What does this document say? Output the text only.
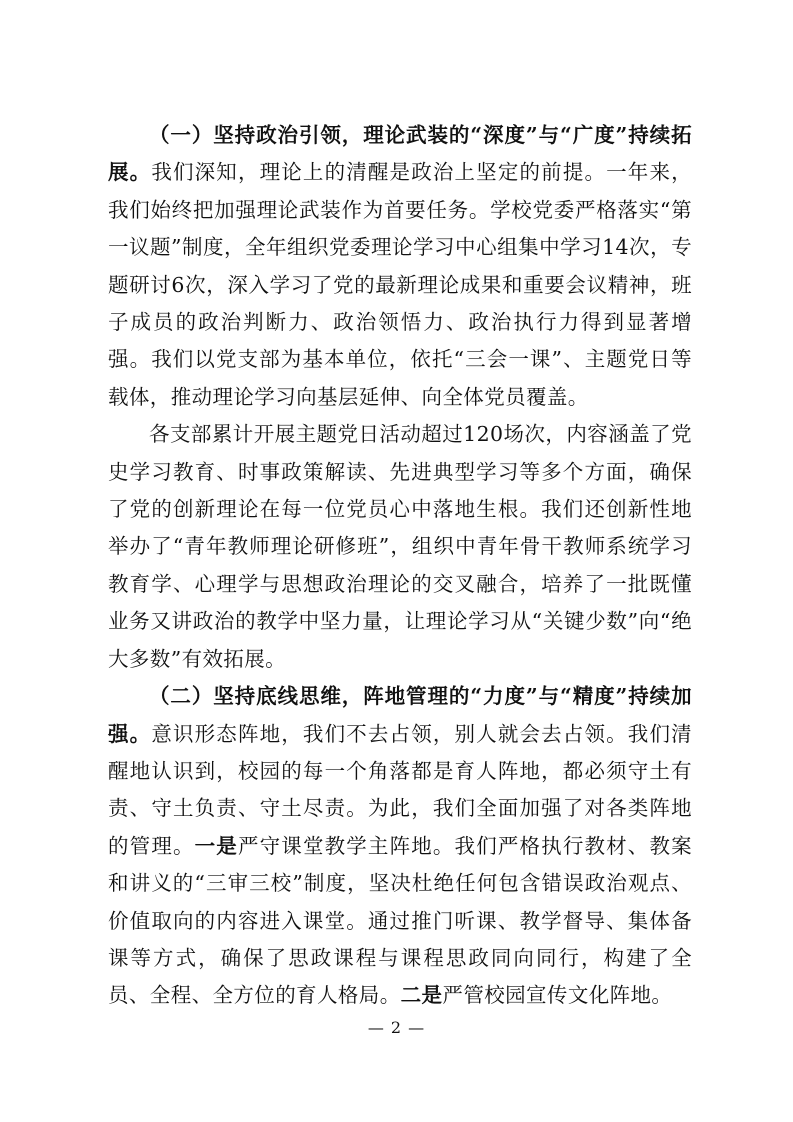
（一）坚持政治引领，理论武装的“深度”与“广度”持续拓展。我们深知，理论上的清醒是政治上坚定的前提。一年来，我们始终把加强理论武装作为首要任务。学校党委严格落实“第一议题”制度，全年组织党委理论学习中心组集中学习14次，专题研讨6次，深入学习了党的最新理论成果和重要会议精神，班子成员的政治判断力、政治领悟力、政治执行力得到显著增强。我们以党支部为基本单位，依托“三会一课”、主题党日等载体，推动理论学习向基层延伸、向全体党员覆盖。

各支部累计开展主题党日活动超过120场次，内容涵盖了党史学习教育、时事政策解读、先进典型学习等多个方面，确保了党的创新理论在每一位党员心中落地生根。我们还创新性地举办了“青年教师理论研修班”，组织中青年骨干教师系统学习教育学、心理学与思想政治理论的交叉融合，培养了一批既懂业务又讲政治的教学中坚力量，让理论学习从“关键少数”向“绝大多数”有效拓展。

（二）坚持底线思维，阵地管理的“力度”与“精度”持续加强。意识形态阵地，我们不去占领，别人就会去占领。我们清醒地认识到，校园的每一个角落都是育人阵地，都必须守土有责、守土负责、守土尽责。为此，我们全面加强了对各类阵地的管理。一是严守课堂教学主阵地。我们严格执行教材、教案和讲义的“三审三校”制度，坚决杜绝任何包含错误政治观点、价值取向的内容进入课堂。通过推门听课、教学督导、集体备课等方式，确保了思政课程与课程思政同向同行，构建了全员、全程、全方位的育人格局。二是严管校园宣传文化阵地。

— 2 —
